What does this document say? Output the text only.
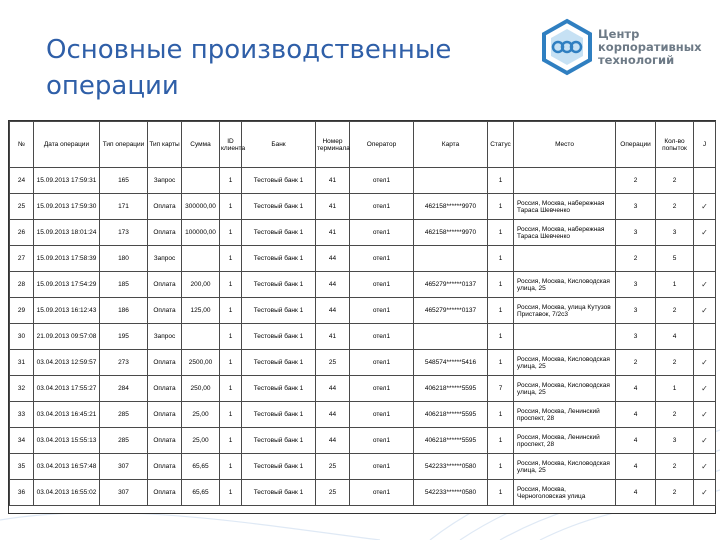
Основные производственные операции
Центр
корпоративных
технологий
№	Дата операции	Тип операции	Тип карты	Сумма	ID клиента	Банк	Номер терминала	Оператор	Карта	Статус	Место	Операции	Кол-во попыток	Ј
24	15.09.2013 17:59:31	165	Запрос		1	Тестовый банк 1	41	отел1		1		2	2	
25	15.09.2013 17:59:30	171	Оплата	300000,00	1	Тестовый банк 1	41	отел1	462158******9970	1	Россия, Москва, набережная Тараса Шевченко	3	2	✓
26	15.09.2013 18:01:24	173	Оплата	100000,00	1	Тестовый банк 1	41	отел1	462158******9970	1	Россия, Москва, набережная Тараса Шевченко	3	3	✓
27	15.09.2013 17:58:39	180	Запрос		1	Тестовый банк 1	44	отел1		1		2	5	
28	15.09.2013 17:54:29	185	Оплата	200,00	1	Тестовый банк 1	44	отел1	465279******0137	1	Россия, Москва, Кисловодская улица, 25	3	1	✓
29	15.09.2013 16:12:43	186	Оплата	125,00	1	Тестовый банк 1	44	отел1	465279******0137	1	Россия, Москва, улица Кутузов Приставок, 7/2с3	3	2	✓
30	21.09.2013 09:57:08	195	Запрос		1	Тестовый банк 1	41	отел1		1		3	4	
31	03.04.2013 12:59:57	273	Оплата	2500,00	1	Тестовый банк 1	25	отел1	548574******5416	1	Россия, Москва, Кисловодская улица, 25	2	2	✓
32	03.04.2013 17:55:27	284	Оплата	250,00	1	Тестовый банк 1	44	отел1	406218******5595	7	Россия, Москва, Кисловодская улица, 25	4	1	✓
33	03.04.2013 16:45:21	285	Оплата	25,00	1	Тестовый банк 1	44	отел1	406218******5595	1	Россия, Москва, Ленинский проспект, 28	4	2	✓
34	03.04.2013 15:55:13	285	Оплата	25,00	1	Тестовый банк 1	44	отел1	406218******5595	1	Россия, Москва, Ленинский проспект, 28	4	3	✓
35	03.04.2013 16:57:48	307	Оплата	65,65	1	Тестовый банк 1	25	отел1	542233******0580	1	Россия, Москва, Кисловодская улица, 25	4	2	✓
36	03.04.2013 16:55:02	307	Оплата	65,65	1	Тестовый банк 1	25	отел1	542233******0580	1	Россия, Москва, Черноголовская улица	4	2	✓
